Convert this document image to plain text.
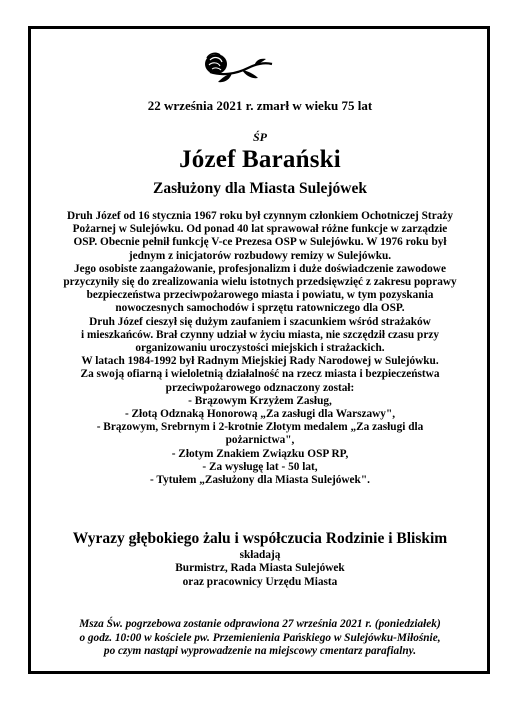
22 września 2021 r. zmarł w wieku 75 lat
ŚP
Józef Barański
Zasłużony dla Miasta Sulejówek
Druh Józef od 16 stycznia 1967 roku był czynnym członkiem Ochotniczej Straży
Pożarnej w Sulejówku. Od ponad 40 lat sprawował różne funkcje w zarządzie
OSP. Obecnie pełnił funkcję V-ce Prezesa OSP w Sulejówku. W 1976 roku był
jednym z inicjatorów rozbudowy remizy w Sulejówku.
Jego osobiste zaangażowanie, profesjonalizm i duże doświadczenie zawodowe
przyczyniły się do zrealizowania wielu istotnych przedsięwzięć z zakresu poprawy
bezpieczeństwa przeciwpożarowego miasta i powiatu, w tym pozyskania
nowoczesnych samochodów i sprzętu ratowniczego dla OSP.
Druh Józef cieszył się dużym zaufaniem i szacunkiem wśród strażaków
i mieszkańców. Brał czynny udział w życiu miasta, nie szczędził czasu przy
organizowaniu uroczystości miejskich i strażackich.
W latach 1984-1992 był Radnym Miejskiej Rady Narodowej w Sulejówku.
Za swoją ofiarną i wieloletnią działalność na rzecz miasta i bezpieczeństwa
przeciwpożarowego odznaczony został:
- Brązowym Krzyżem Zasług,
- Złotą Odznaką Honorową „Za zasługi dla Warszawy",
- Brązowym, Srebrnym i 2-krotnie Złotym medalem „Za zasługi dla
pożarnictwa",
- Złotym Znakiem Związku OSP RP,
- Za wysługę lat - 50 lat,
- Tytułem „Zasłużony dla Miasta Sulejówek".
Wyrazy głębokiego żalu i współczucia Rodzinie i Bliskim
składają
Burmistrz, Rada Miasta Sulejówek
oraz pracownicy Urzędu Miasta
Msza Św. pogrzebowa zostanie odprawiona 27 września 2021 r. (poniedziałek)
o godz. 10:00 w kościele pw. Przemienienia Pańskiego w Sulejówku-Miłośnie,
po czym nastąpi wyprowadzenie na miejscowy cmentarz parafialny.
